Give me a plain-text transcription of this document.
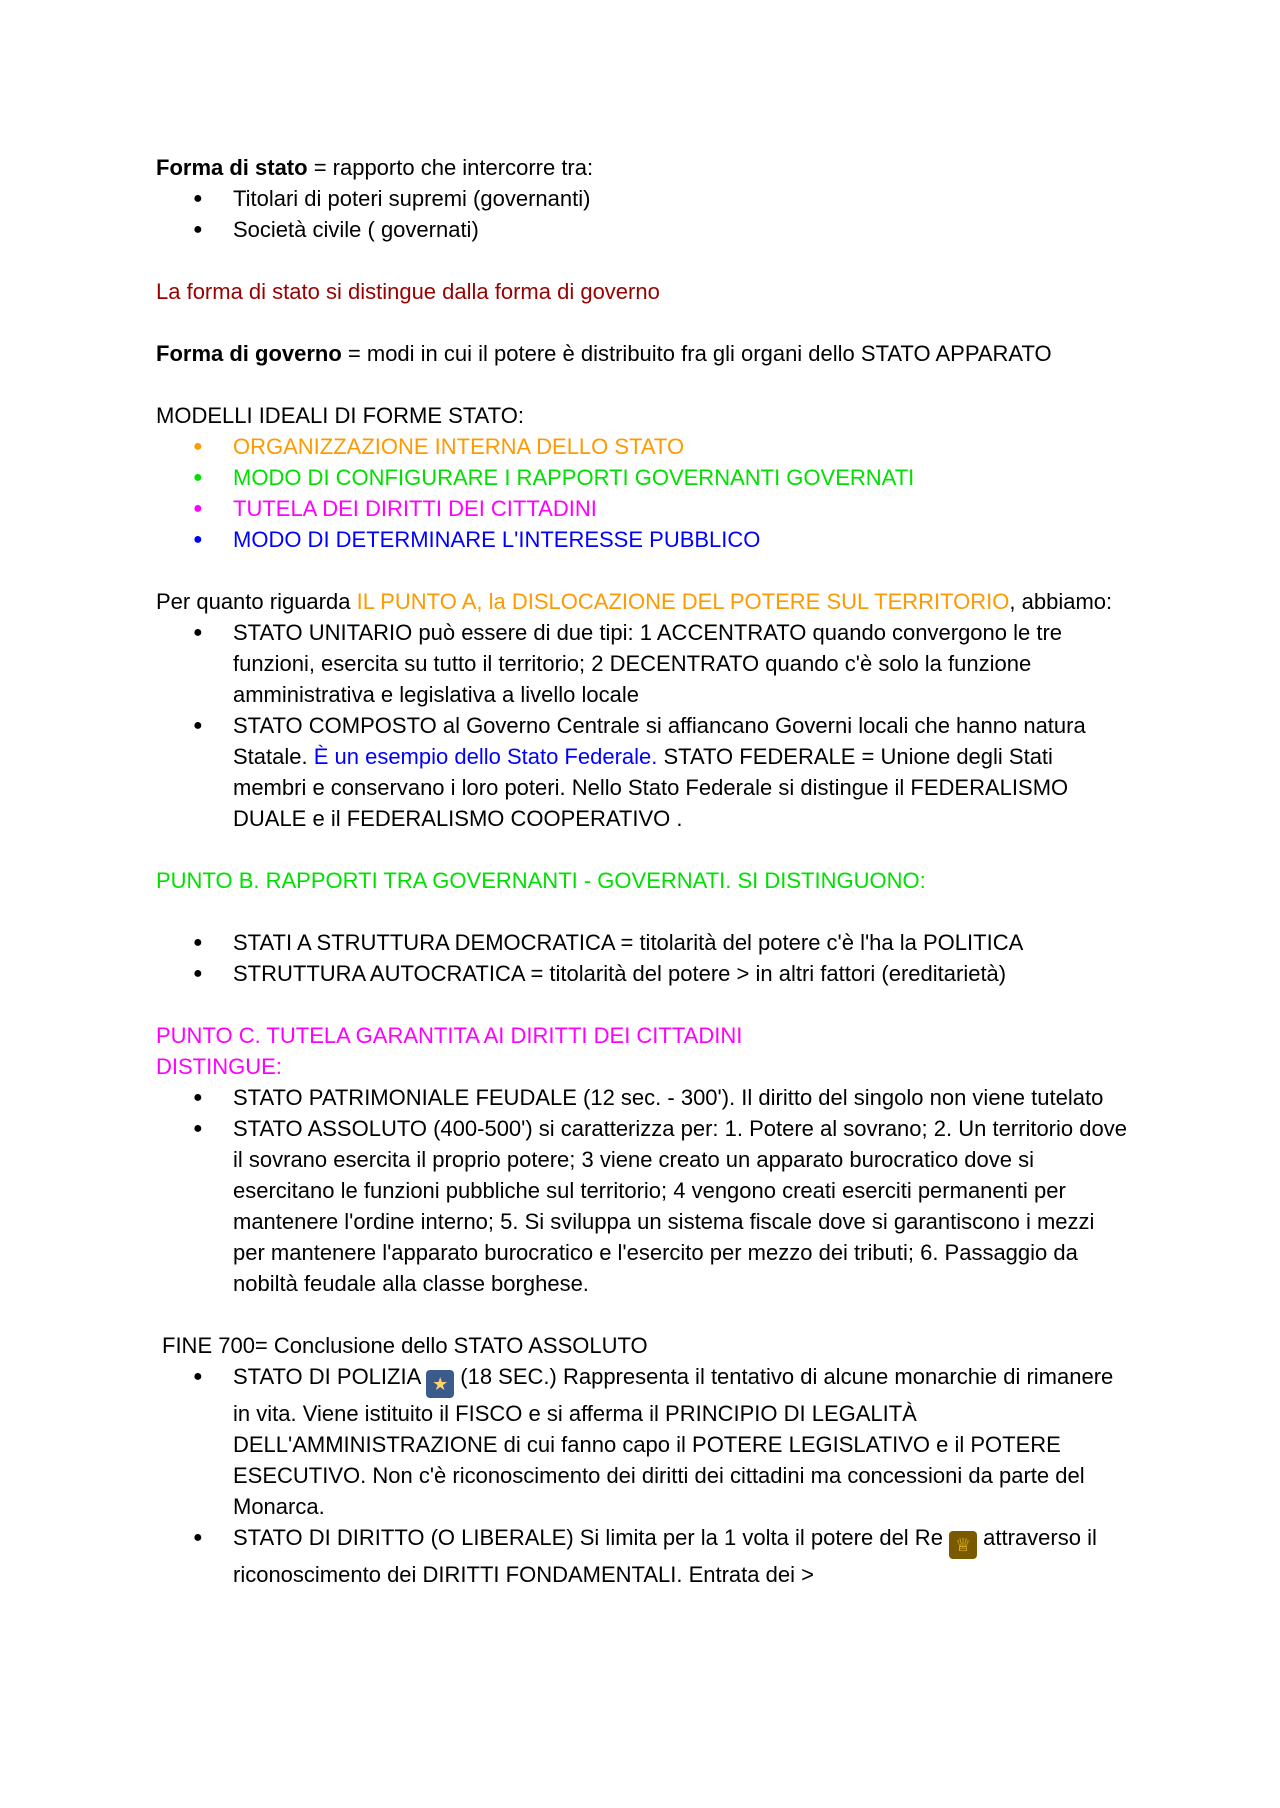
Forma di stato = rapporto che intercorre tra:

● Titolari di poteri supremi (governanti)
● Società civile ( governati)

La forma di stato si distingue dalla forma di governo

Forma di governo = modi in cui il potere è distribuito fra gli organi dello STATO APPARATO

MODELLI IDEALI DI FORME STATO:

● ORGANIZZAZIONE INTERNA DELLO STATO
● MODO DI CONFIGURARE I RAPPORTI GOVERNANTI GOVERNATI
● TUTELA DEI DIRITTI DEI CITTADINI
● MODO DI DETERMINARE L'INTERESSE PUBBLICO

Per quanto riguarda IL PUNTO A, la DISLOCAZIONE DEL POTERE SUL TERRITORIO, abbiamo:

● STATO UNITARIO può essere di due tipi: 1 ACCENTRATO quando convergono le tre funzioni, esercita su tutto il territorio; 2 DECENTRATO quando c'è solo la funzione amministrativa e legislativa a livello locale
● STATO COMPOSTO al Governo Centrale si affiancano Governi locali che hanno natura Statale. È un esempio dello Stato Federale. STATO FEDERALE = Unione degli Stati membri e conservano i loro poteri. Nello Stato Federale si distingue il FEDERALISMO DUALE e il FEDERALISMO COOPERATIVO .

PUNTO B. RAPPORTI TRA GOVERNANTI - GOVERNATI. SI DISTINGUONO:

● STATI A STRUTTURA DEMOCRATICA = titolarità del potere c'è l'ha la POLITICA
● STRUTTURA AUTOCRATICA = titolarità del potere > in altri fattori (ereditarietà)

PUNTO C. TUTELA GARANTITA AI DIRITTI DEI CITTADINI

DISTINGUE:

● STATO PATRIMONIALE FEUDALE (12 sec. - 300'). Il diritto del singolo non viene tutelato
● STATO ASSOLUTO (400-500') si caratterizza per: 1. Potere al sovrano; 2. Un territorio dove il sovrano esercita il proprio potere; 3 viene creato un apparato burocratico dove si esercitano le funzioni pubbliche sul territorio; 4 vengono creati eserciti permanenti per mantenere l'ordine interno; 5. Si sviluppa un sistema fiscale dove si garantiscono i mezzi per mantenere l'apparato burocratico e l'esercito per mezzo dei tributi; 6. Passaggio da nobiltà feudale alla classe borghese.

FINE 700= Conclusione dello STATO ASSOLUTO

● STATO DI POLIZIA ★ (18 SEC.) Rappresenta il tentativo di alcune monarchie di rimanere in vita. Viene istituito il FISCO e si afferma il PRINCIPIO DI LEGALITÀ DELL'AMMINISTRAZIONE di cui fanno capo il POTERE LEGISLATIVO e il POTERE ESECUTIVO. Non c'è riconoscimento dei diritti dei cittadini ma concessioni da parte del Monarca.
● STATO DI DIRITTO (O LIBERALE) Si limita per la 1 volta il potere del Re ♕ attraverso il riconoscimento dei DIRITTI FONDAMENTALI. Entrata dei >
